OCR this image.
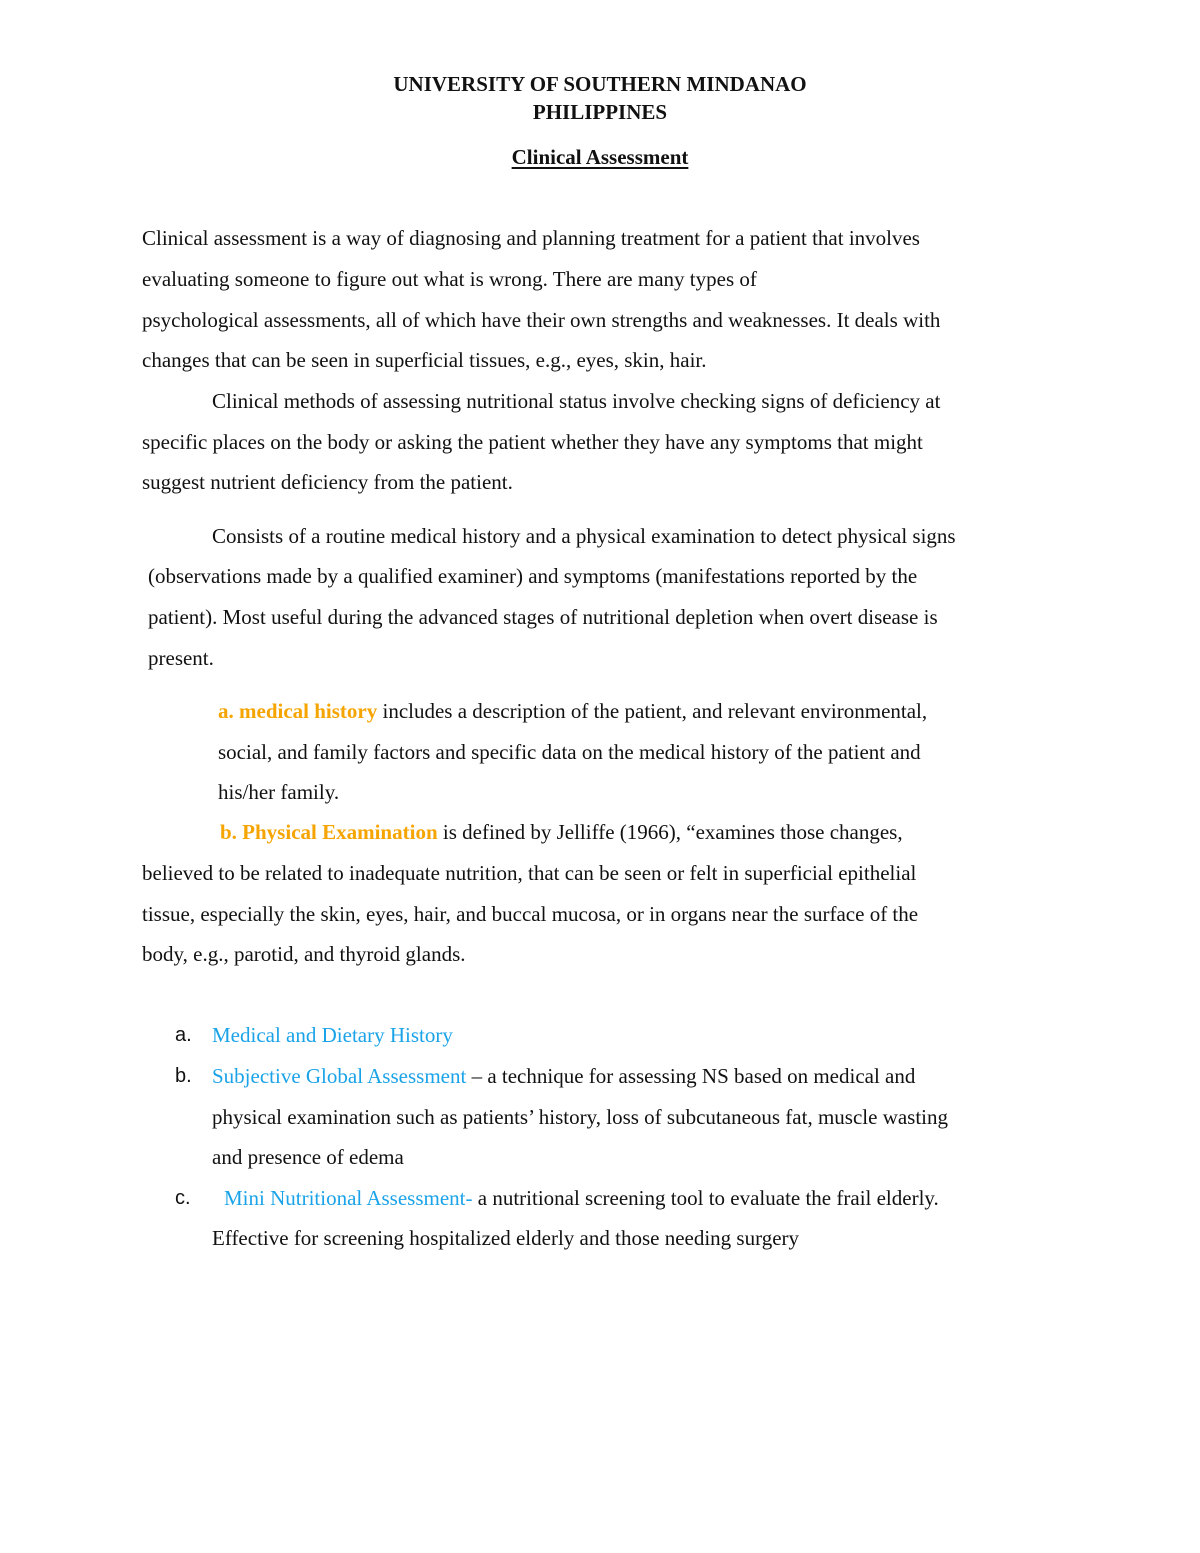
UNIVERSITY OF SOUTHERN MINDANAO
PHILIPPINES
Clinical Assessment
Clinical assessment is a way of diagnosing and planning treatment for a patient that involves
evaluating someone to figure out what is wrong. There are many types of
psychological assessments, all of which have their own strengths and weaknesses. It deals with
changes that can be seen in superficial tissues, e.g., eyes, skin, hair.
Clinical methods of assessing nutritional status involve checking signs of deficiency at
specific places on the body or asking the patient whether they have any symptoms that might
suggest nutrient deficiency from the patient.
Consists of a routine medical history and a physical examination to detect physical signs
(observations made by a qualified examiner) and symptoms (manifestations reported by the
patient). Most useful during the advanced stages of nutritional depletion when overt disease is
present.
a. medical history includes a description of the patient, and relevant environmental,
social, and family factors and specific data on the medical history of the patient and
his/her family.
b. Physical Examination is defined by Jelliffe (1966), “examines those changes,
believed to be related to inadequate nutrition, that can be seen or felt in superficial epithelial
tissue, especially the skin, eyes, hair, and buccal mucosa, or in organs near the surface of the
body, e.g., parotid, and thyroid glands.
a. Medical and Dietary History
b. Subjective Global Assessment – a technique for assessing NS based on medical and
physical examination such as patients’ history, loss of subcutaneous fat, muscle wasting
and presence of edema
c. Mini Nutritional Assessment- a nutritional screening tool to evaluate the frail elderly.
Effective for screening hospitalized elderly and those needing surgery
